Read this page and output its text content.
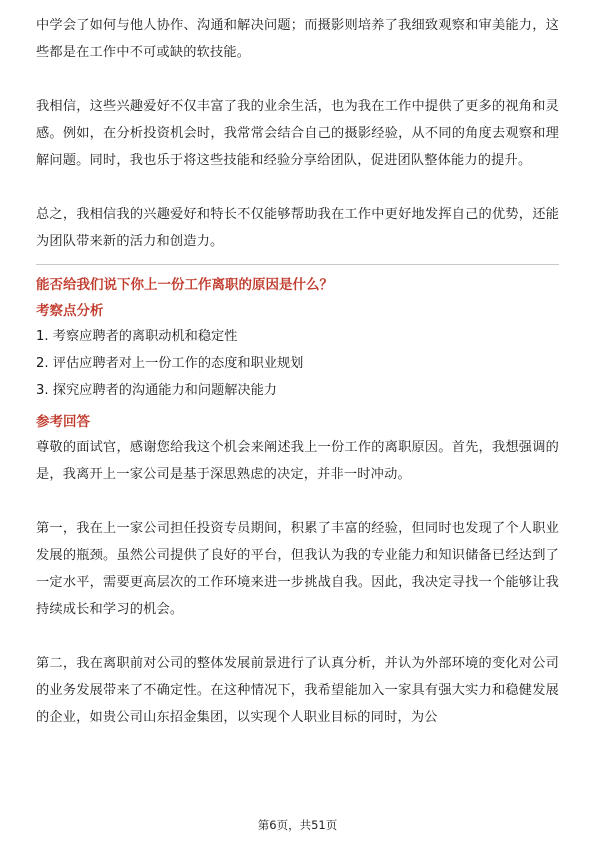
中学会了如何与他人协作、沟通和解决问题；而摄影则培养了我细致观察和审美能力，这些都是在工作中不可或缺的软技能。

我相信，这些兴趣爱好不仅丰富了我的业余生活，也为我在工作中提供了更多的视角和灵感。例如，在分析投资机会时，我常常会结合自己的摄影经验，从不同的角度去观察和理解问题。同时，我也乐于将这些技能和经验分享给团队，促进团队整体能力的提升。

总之，我相信我的兴趣爱好和特长不仅能够帮助我在工作中更好地发挥自己的优势，还能为团队带来新的活力和创造力。

能否给我们说下你上一份工作离职的原因是什么？

考察点分析

1. 考察应聘者的离职动机和稳定性

2. 评估应聘者对上一份工作的态度和职业规划

3. 探究应聘者的沟通能力和问题解决能力

参考回答

尊敬的面试官，感谢您给我这个机会来阐述我上一份工作的离职原因。首先，我想强调的是，我离开上一家公司是基于深思熟虑的决定，并非一时冲动。

第一，我在上一家公司担任投资专员期间，积累了丰富的经验，但同时也发现了个人职业发展的瓶颈。虽然公司提供了良好的平台，但我认为我的专业能力和知识储备已经达到了一定水平，需要更高层次的工作环境来进一步挑战自我。因此，我决定寻找一个能够让我持续成长和学习的机会。

第二，我在离职前对公司的整体发展前景进行了认真分析，并认为外部环境的变化对公司的业务发展带来了不确定性。在这种情况下，我希望能加入一家具有强大实力和稳健发展的企业，如贵公司山东招金集团，以实现个人职业目标的同时，为公

第6页，共51页
